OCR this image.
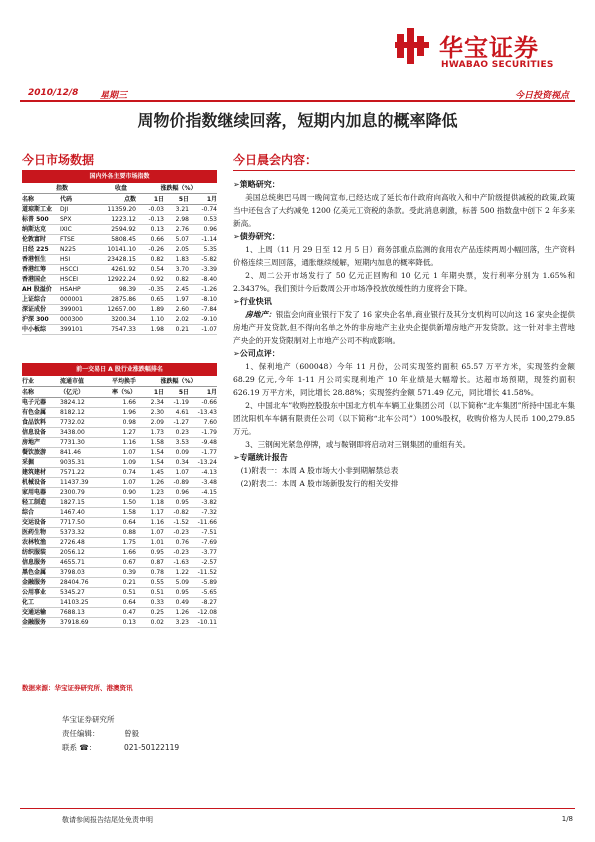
华宝证券
HWABAO SECURITIES
2010/12/8 星期三	今日投资视点
周物价指数继续回落，短期内加息的概率降低
今日市场数据	今日晨会内容：
国内外各主要市场指数
指数	收盘	涨跌幅（%）
名称	代码	点数	1日	5日	1月
道琼斯工业	DJI	11359.20	-0.03	3.21	-0.74
标普 500	SPX	1223.12	-0.13	2.98	0.53
纳斯达克	IXIC	2594.92	0.13	2.76	0.96
伦敦富时	FTSE	5808.45	0.66	5.07	-1.14
日经 225	N225	10141.10	-0.26	2.05	5.35
香港恒生	HSI	23428.15	0.82	1.83	-5.82
香港红筹	HSCCI	4261.92	0.54	3.70	-3.39
香港国企	HSCEI	12922.24	0.92	0.82	-8.40
AH 股溢价	HSAHP	98.39	-0.35	2.45	-1.26
上证综合	000001	2875.86	0.65	1.97	-8.10
深证成份	399001	12657.00	1.89	2.60	-7.84
沪深 300	000300	3200.34	1.10	2.02	-9.10
中小板综	399101	7547.33	1.98	0.21	-1.07
前一交易日 A 股行业涨跌幅排名
行业	流通市值	平均换手	涨跌幅（%）
名称	（亿元）	率（%）	1日	5日	1月
电子元器	3824.12	1.66	2.34	-1.19	-0.66
有色金属	8182.12	1.96	2.30	4.61	-13.43
食品饮料	7732.02	0.98	2.09	-1.27	7.60
信息设备	3438.00	1.27	1.73	0.23	-1.79
房地产	7731.30	1.16	1.58	3.53	-9.48
餐饮旅游	841.46	1.07	1.54	0.09	-1.77
采掘	9035.31	1.09	1.54	0.34	-13.24
建筑建材	7571.22	0.74	1.45	1.07	-4.13
机械设备	11437.39	1.07	1.26	-0.89	-3.48
家用电器	2300.79	0.90	1.23	0.96	-4.15
轻工制造	1827.15	1.50	1.18	0.95	-3.82
综合	1467.40	1.58	1.17	-0.82	-7.32
交运设备	7717.50	0.64	1.16	-1.52	-11.66
医药生物	5373.32	0.88	1.07	-0.23	-7.51
农林牧渔	2726.48	1.75	1.01	0.76	-7.69
纺织服装	2056.12	1.66	0.95	-0.23	-3.77
信息服务	4655.71	0.67	0.87	-1.63	-2.57
黑色金属	3798.03	0.39	0.78	1.22	-11.52
金融服务	28404.76	0.21	0.55	5.09	-5.89
公用事业	5345.27	0.51	0.51	0.95	-5.65
化工	14103.25	0.64	0.33	0.49	-8.27
交通运输	7688.13	0.47	0.25	1.26	-12.08
金融服务	37918.69	0.13	0.02	3.23	-10.11
数据来源：华宝证券研究所、港澳资讯
➢策略研究：

美国总统奥巴马周一晚间宣布,已经达成了延长布什政府向高收入和中产阶级提供减税的政策,政策当中还包含了大约减免 1200 亿美元工资税的条款。受此消息刺激，标普 500 指数盘中创下 2 年多来新高。

➢债券研究：

1、上周（11 月 29 日至 12 月 5 日）商务部重点监测的食用农产品连续两周小幅回落，生产资料价格连续三周回落，通胀继续缓解，短期内加息的概率降低。

2、周二公开市场发行了 50 亿元正回购和 10 亿元 1 年期央票，发行利率分别为 1.65%和 2.3437%。我们预计今后数周公开市场净投放放缓性的力度将会下降。

➢行业快讯

房地产：银监会向商业银行下发了 16 家央企名单,商业银行及其分支机构可以向这 16 家央企提供房地产开发贷款,但不得向名单之外的非房地产主业央企提供新增房地产开发贷款。这一针对非主营地产央企的开发贷限制对上市地产公司不构成影响。

➢公司点评：

1、保利地产（600048）今年 11 月份，公司实现签约面积 65.57 万平方米，实现签约金额 68.29 亿元,今年 1-11 月公司实现利地产 10 年业绩是大幅增长。达超市场预期，现签约面积 626.19 万平方米，同比增长 28.88%；实现签约金额 571.49 亿元，同比增长 41.58%。

2、中国北车”收购控股股东中国北方机车车辆工业集团公司（以下简称“北车集团”所持中国北车集团沈阳机车车辆有限责任公司（以下简称“北车公司”）100%股权，收购价格为人民币 100,279.85 万元。

3、三钢闽光紧急停牌，或与鞍钢即将启动对三钢集团的重组有关。

➢专题统计报告

(1)附表一：本周 A 股市场大小非到期解禁总表

(2)附表二：本周 A 股市场新股发行的相关安排

华宝证券研究所
责任编辑：	曾毅
联系 ☎：	021-50122119
敬请参阅报告结尾处免责申明	1/8
